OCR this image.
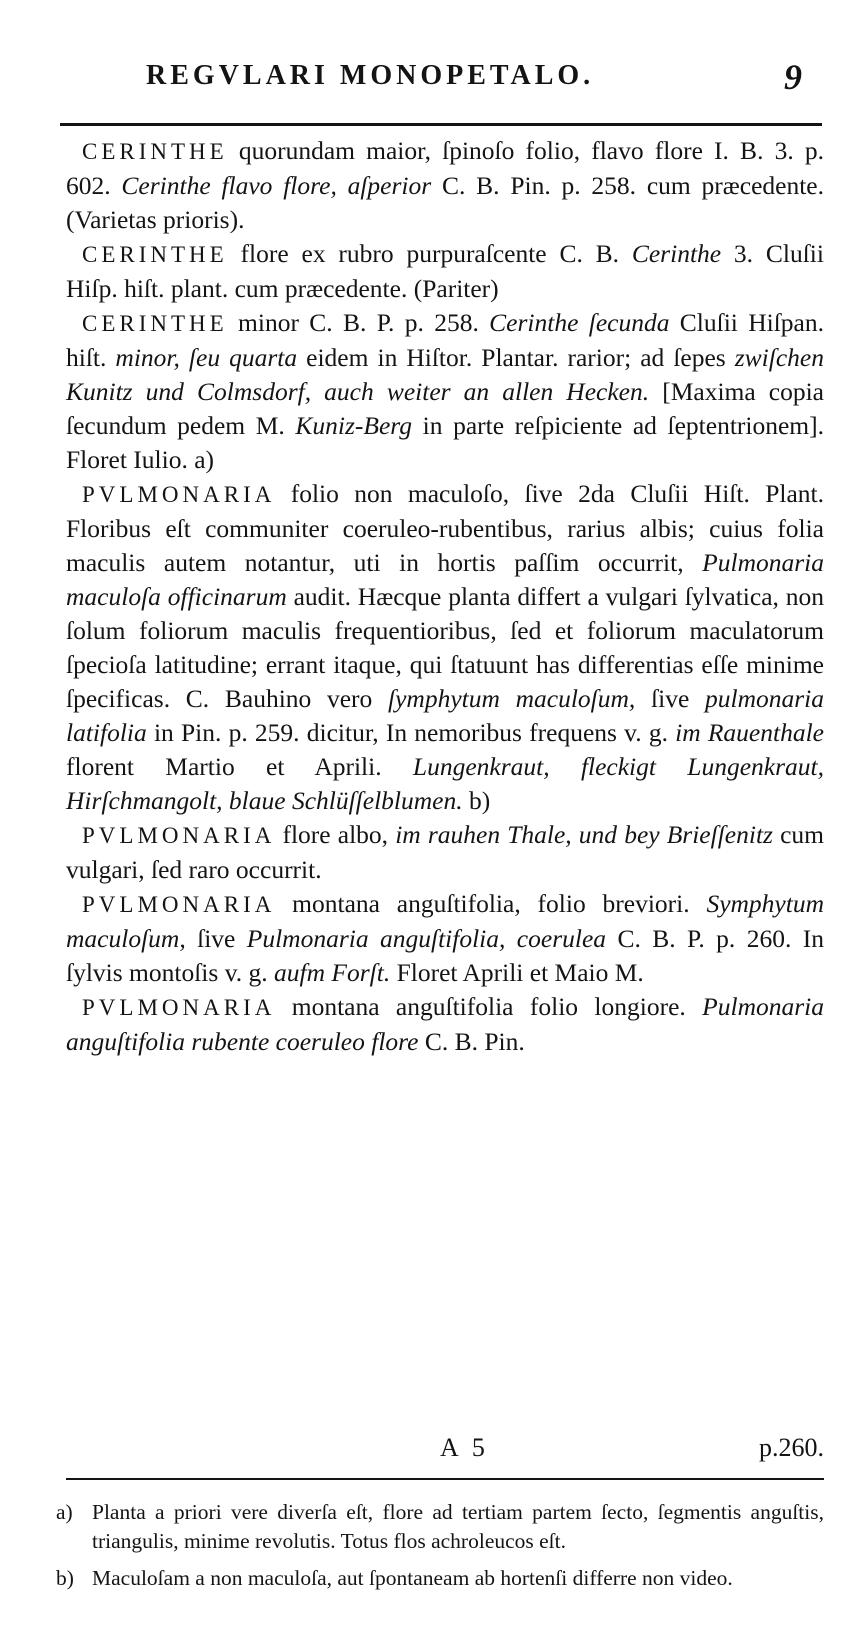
REGVLARI MONOPETALO.	9

CERINTHE quorundam maior, ſpinoſo folio, flavo flore I. B. 3. p. 602. Cerinthe flavo flore, aſperior C. B. Pin. p. 258. cum præcedente. (Varietas prioris).

CERINTHE flore ex rubro purpuraſcente C. B. Cerinthe 3. Cluſii Hiſp. hiſt. plant. cum præcedente. (Pariter)

CERINTHE minor C. B. P. p. 258. Cerinthe ſecunda Cluſii Hiſpan. hiſt. minor, ſeu quarta eidem in Hiſtor. Plantar. rarior; ad ſepes zwiſchen Kunitz und Colmsdorf, auch weiter an allen Hecken. [Maxima copia ſecundum pedem M. Kuniz-Berg in parte reſpiciente ad ſeptentrionem]. Floret Iulio. a)

PVLMONARIA folio non maculoſo, ſive 2da Cluſii Hiſt. Plant. Floribus eſt communiter coeruleo-rubentibus, rarius albis; cuius folia maculis autem notantur, uti in hortis paſſim occurrit, Pulmonaria maculoſa officinarum audit. Hæcque planta differt a vulgari ſylvatica, non ſolum foliorum maculis frequentioribus, ſed et foliorum maculatorum ſpecioſa latitudine; errant itaque, qui ſtatuunt has differentias eſſe minime ſpecificas. C. Bauhino vero ſymphytum maculoſum, ſive pulmonaria latifolia in Pin. p. 259. dicitur, In nemoribus frequens v. g. im Rauenthale florent Martio et Aprili. Lungenkraut, fleckigt Lungenkraut, Hirſchmangolt, blaue Schlüſſelblumen. b)

PVLMONARIA flore albo, im rauhen Thale, und bey Brieſſenitz cum vulgari, ſed raro occurrit.

PVLMONARIA montana anguſtifolia, folio breviori. Symphytum maculoſum, ſive Pulmonaria anguſtifolia, coerulea C. B. P. p. 260. In ſylvis montoſis v. g. aufm Forſt. Floret Aprili et Maio M.

PVLMONARIA montana anguſtifolia folio longiore. Pulmonaria anguſtifolia rubente coeruleo flore C. B. Pin.

A 5	p.260.

a) Planta a priori vere diverſa eſt, flore ad tertiam partem ſecto, ſegmentis anguſtis, triangulis, minime revolutis. Totus flos achroleucos eſt.

b) Maculoſam a non maculoſa, aut ſpontaneam ab hortenſi differre non video.
